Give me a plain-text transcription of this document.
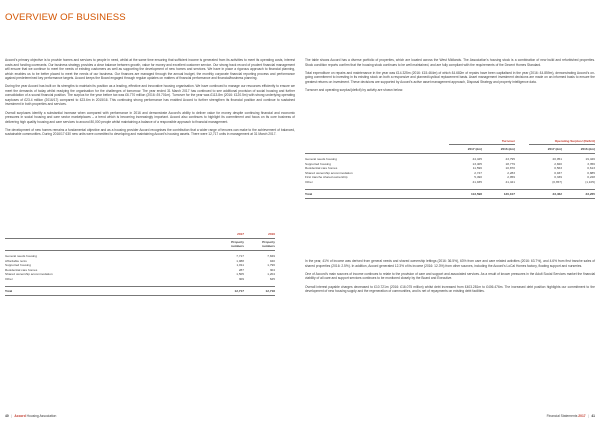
OVERVIEW OF BUSINESS

Accord’s primary objective is to provide homes and services to people in need, whilst at the same time ensuring that sufficient income is generated from its activities to meet its operating costs, interest costs and funding covenants. Our business strategy provides a clear balance between growth, value for money and excellent customer service. Our strong track record of prudent financial management will ensure that we continue to meet the needs of existing customers as well as supporting the development of new homes and services. We have in place a rigorous approach to financial planning, which enables us to be better placed to meet the needs of our business. Our finances are managed through the annual budget, the monthly corporate financial reporting process and performance against predetermined key performance targets. Accord keeps the Board engaged through regular updates on matters of financial performance and financial/business planning.

During the year Accord has built on its strengths to maintain its position as a leading, effective and innovative housing organisation. We have continued to manage our resources efficiently to ensure we meet the demands of today whilst readying the organisation for the challenges of tomorrow. The year ended 31 March 2017 has continued to see additional provision of social housing and further consolidation of a sound financial position. The surplus for the year before tax was £6.770 million (2016: £9.701m). Turnover for the year was £113.8m (2016: £120.5m) with strong underlying operating surpluses of £23.4 million (2016/17) compared to £23.6m in 2015/16. This continuing strong performance has enabled Accord to further strengthen its financial position and continue to sustained investment in both properties and services.

Overall surpluses identify a substantial increase when compared with performance in 2016 and demonstrate Accord’s ability to deliver value for money despite continuing financial and economic pressures in social housing and care sector marketplaces – a trend which is becoming increasingly important. Accord also continues to highlight its commitment and focus on its core business of delivering high quality housing and care services to around 80,000 people whilst maintaining a balance of a responsible approach to financial management.

The development of new homes remains a fundamental objective and as a housing provider Accord recognises the contribution that a wider range of tenures can make to the achievement of balanced, sustainable communities. During 2016/17 630 new units were committed to developing and maintaining Accord’s housing assets. There were 12,717 units in management at 31 March 2017.

2017	2016
Property numbers
Property numbers
General needs housing	7,717	7,849
Affordable rents	1,088	940
Supported housing	1,811	1,796
Residential care homes	287	304
Shared ownership accommodation	1,505	1,204
Other	309	625
Total	12,717	12,718

The table shows Accord has a diverse portfolio of properties, which are located across the West Midlands. The Association’s housing stock is a combination of new build and refurbished properties. Stock condition reports confirm that the housing stock continues to be well maintained, and are fully compliant with the requirements of the Decent Homes Standard.

Total expenditure on repairs and maintenance in the year was £14.325m (2016: £15.464m) of which £4.682m of repairs have been capitalised in the year (2016: £4.859m), demonstrating Accord’s on-going commitment to investing in its existing stock on both a responsive and planned/cyclical replacement basis. Asset management investment decisions are made on an informed basis to ensure the greatest returns on investment. These decisions are supported by Accord’s active asset management approach, Disposal Strategy and property intelligence data.

Turnover and operating surplus/(deficit) by activity are shown below:

Turnover	Operating Surplus/ (Deficit)
2017 (£m)	2016 (£m)	2017 (£m)	2016 (£m)
General needs housing	44,425	43,795	20,051	19,426
Supported housing	13,405	18,779	2,820	3,356
Residential care homes	11,596	10,870	0,563	0,613
Shared ownership accommodation	2,747	2,283	0,937	0,885
First tranche shared ownership	5,490	2,959	0,339	0,228
Other	41,935	41,421	(0,357)	(1,105)
Total	113,598	120,107	23,462	23,265

In the year, 41% of income was derived from general needs and shared ownership lettings (2016: 36.5%), 63% from care and care related activities (2016: 63.7%), and 4.6% from first tranche sales of shared properties (2016: 2.5%). In addition, Accord generated 12.3% of its income (2016: 12.3%) from other sources, including the Accord’s LoCal Homes factory, floating support and nurseries.

One of Accord’s main sources of income continues to relate to the provision of care and support and associated services. As a result of known pressures in the Adult Social Services market the financial viability of all care and support services continues to be monitored closely by the Board and Executive.

Overall interest payable charges decreased to £10.721m (2016: £16.075 million) whilst debt increased from £403.281m to £406.476m. The increased debt position highlights our commitment to the development of new housing supply and the regeneration of communities, and is net of repayments on existing debt facilities.

40 | Accord Housing Association	Financial Statements 2017 | 41
